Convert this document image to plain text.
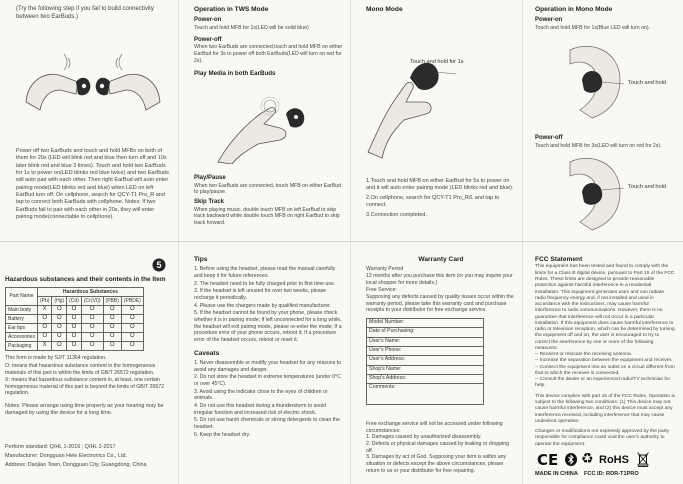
(Try the following step if you fail to build connectivity between two EarBuds.)
Power off two EarBuds and touch and hold MFBs on both of them for 20s (LED will blink red and blue then turn off and 10s later blink red and blue 3 times). Touch and hold two EarBuds for 1s to power on(LED blinks red blue twice) and two EarBuds will auto pair with each other. Then right EarBud will auto enter pairing mode(LED blinks red and blue) when LED on left EarBud turn off. On cellphone, search for QCY-T1 Pro_R and tap to connect both EarBuds with cellphone. Notes: If two EarBuds fail to pair with each other in 20s, they will enter pairing mode(connectable to cellphone).
Operation in TWS Mode
Power-on
Touch and hold MFB for 1s(LED will be solid blue)
Power-off
When two EarBuds are connected,touch and hold MFB on either EarBud for 3s to power off both EarBuds(LED will turn on red for 2s).
Play Media in both EarBuds
Play/Pause
When two EarBuds are connected, touch MFB on either EarBud to play/pause.
Skip Track
When playing music, double touch MFB on left EarBud to skip track backward while double touch MFB on right EarBud to skip track forward.
Mono Mode
Touch and hold for 1s
1.Touch and hold MFB on either EarBud for 5s to power on and it will auto enter pairing mode (LED blinks red and blue).
2.On cellphone, search for QCY-T1 Pro_R/L and tap to connect.
3.Connection completed.
Operation in Mono Mode
Power-on
Touch and hold MFB for 1s(Blue LED will turn on).
Touch and hold
Power-off
Touch and hold MFB for 3s(LED will turn on red for 2s).
Touch and hold
5
Hazardous substances and their contents in the Item
Part Name	Hazardous Substances					
	(Pb)	(Hg)	(Cd)	(Cr(VI))	(PBB)	(PBDE)
Main body	X	O	O	O	O	O
Battery	O	O	O	O	O	O
Ear tips	O	O	O	O	O	O
Accessories	O	O	O	O	O	O
Packaging	X	O	O	O	O	O
This form is made by SJ/T 11364 regulation.
O: means that hazardous substance content in the homogeneous materials of this part is within the limits of GB/T 26572 regulation.
X: means that hazardous substance content in, at least, one certain homogeneous material of this part is beyond the limits of GB/T 26572 regulation.
Notes: Please arrange using time properly as your hearing may be damaged by using the device for a long time.
Perform standard: Q/HL 1-2016 ; Q/HL 2-2017
Manufacturer: Dongguan Hele Electronics Co., Ltd.
Address: Daojiao Town, Dongguan City, Guangdong, China
Tips
1. Before using the headset, please read the manual carefully and keep it for future references.
2. The headset need to be fully charged prior to first time use.
3. If the headset is left unused for over two weeks, please recharge it periodically.
4. Please use the chargers made by qualified manufacturer.
5. If the headset cannot be found by your phone, please check whether it is in pairing mode; If left unconnected for a long while, the headset will exit pairing mode, please re-enter the mode; If a procedure error of your phone occurs, reboot it; If a procedure error of the headset occurs, reboot or reset it.
Caveats
1. Never disassemble or modify your headset for any reasons to avoid any damages and danger.
2. Do not store the headset in extreme temperatures (under 0°C or over 45°C).
3. Avoid using the indicator close to the eyes of children or animals.
4. Do not use this headset during a thunderstorm to avoid irregular function and increased risk of electric shock.
5. Do not use harsh chemicals or strong detergents to clean the headset.
6. Keep the headset dry.
Warranty Card
Warranty Period
12 months after you purchase this item (or you may inquire your local shopper for more details.)
Free Service:
Supposing any defects caused by quality issues occur within the warranty period, please take this warranty card and purchase receipts to your distributor for free exchange service.
Model Number:
Date of Purchasing:
User's Name:
User's Phone:
User's Address:
Shop's Name:
Shop's Address:
Comments:
Free exchange service will not be accessed under following circumstances:
1. Damages caused by unauthorized disassembly.
2. Defects or physical damages caused by leaking or dropping off.
3. Damages by act of God. Supposing your item is within any situation or defects except the above circumstances, please return to us or your distributor for free repairing.
FCC Statement
This equipment has been tested and found to comply with the limits for a Class B digital device, pursuant to Part 15 of the FCC Rules. These limits are designed to provide reasonable protection against harmful interference in a residential installation. This equipment generates uses and can radiate radio frequency energy and, if not installed and used in accordance with the instructions, may cause harmful interference to radio communications. However, there is no guarantee that interference will not occur in a particular installation. If this equipment does cause harmful interference to radio or television reception, which can be determined by turning the equipment off and on, the user is encouraged to try to correct the interference by one or more of the following measures:
-- Reorient or relocate the receiving antenna.
-- Increase the separation between the equipment and receiver.
-- Connect the equipment into an outlet on a circuit different from that to which the receiver is connected.
-- Consult the dealer or an experienced radio/TV technician for help.
This device complies with part 15 of the FCC Rules. Operation is subject to the following two conditions: (1) This device may not cause harmful interference, and (2) this device must accept any interference received, including interference that may cause undesired operation.
Changes or modifications not expressly approved by the party responsible for compliance could void the user's authority to operate the equipment.
CE ♻ RoHS
MADE IN CHINA FCC ID: RDR-T1PRO
